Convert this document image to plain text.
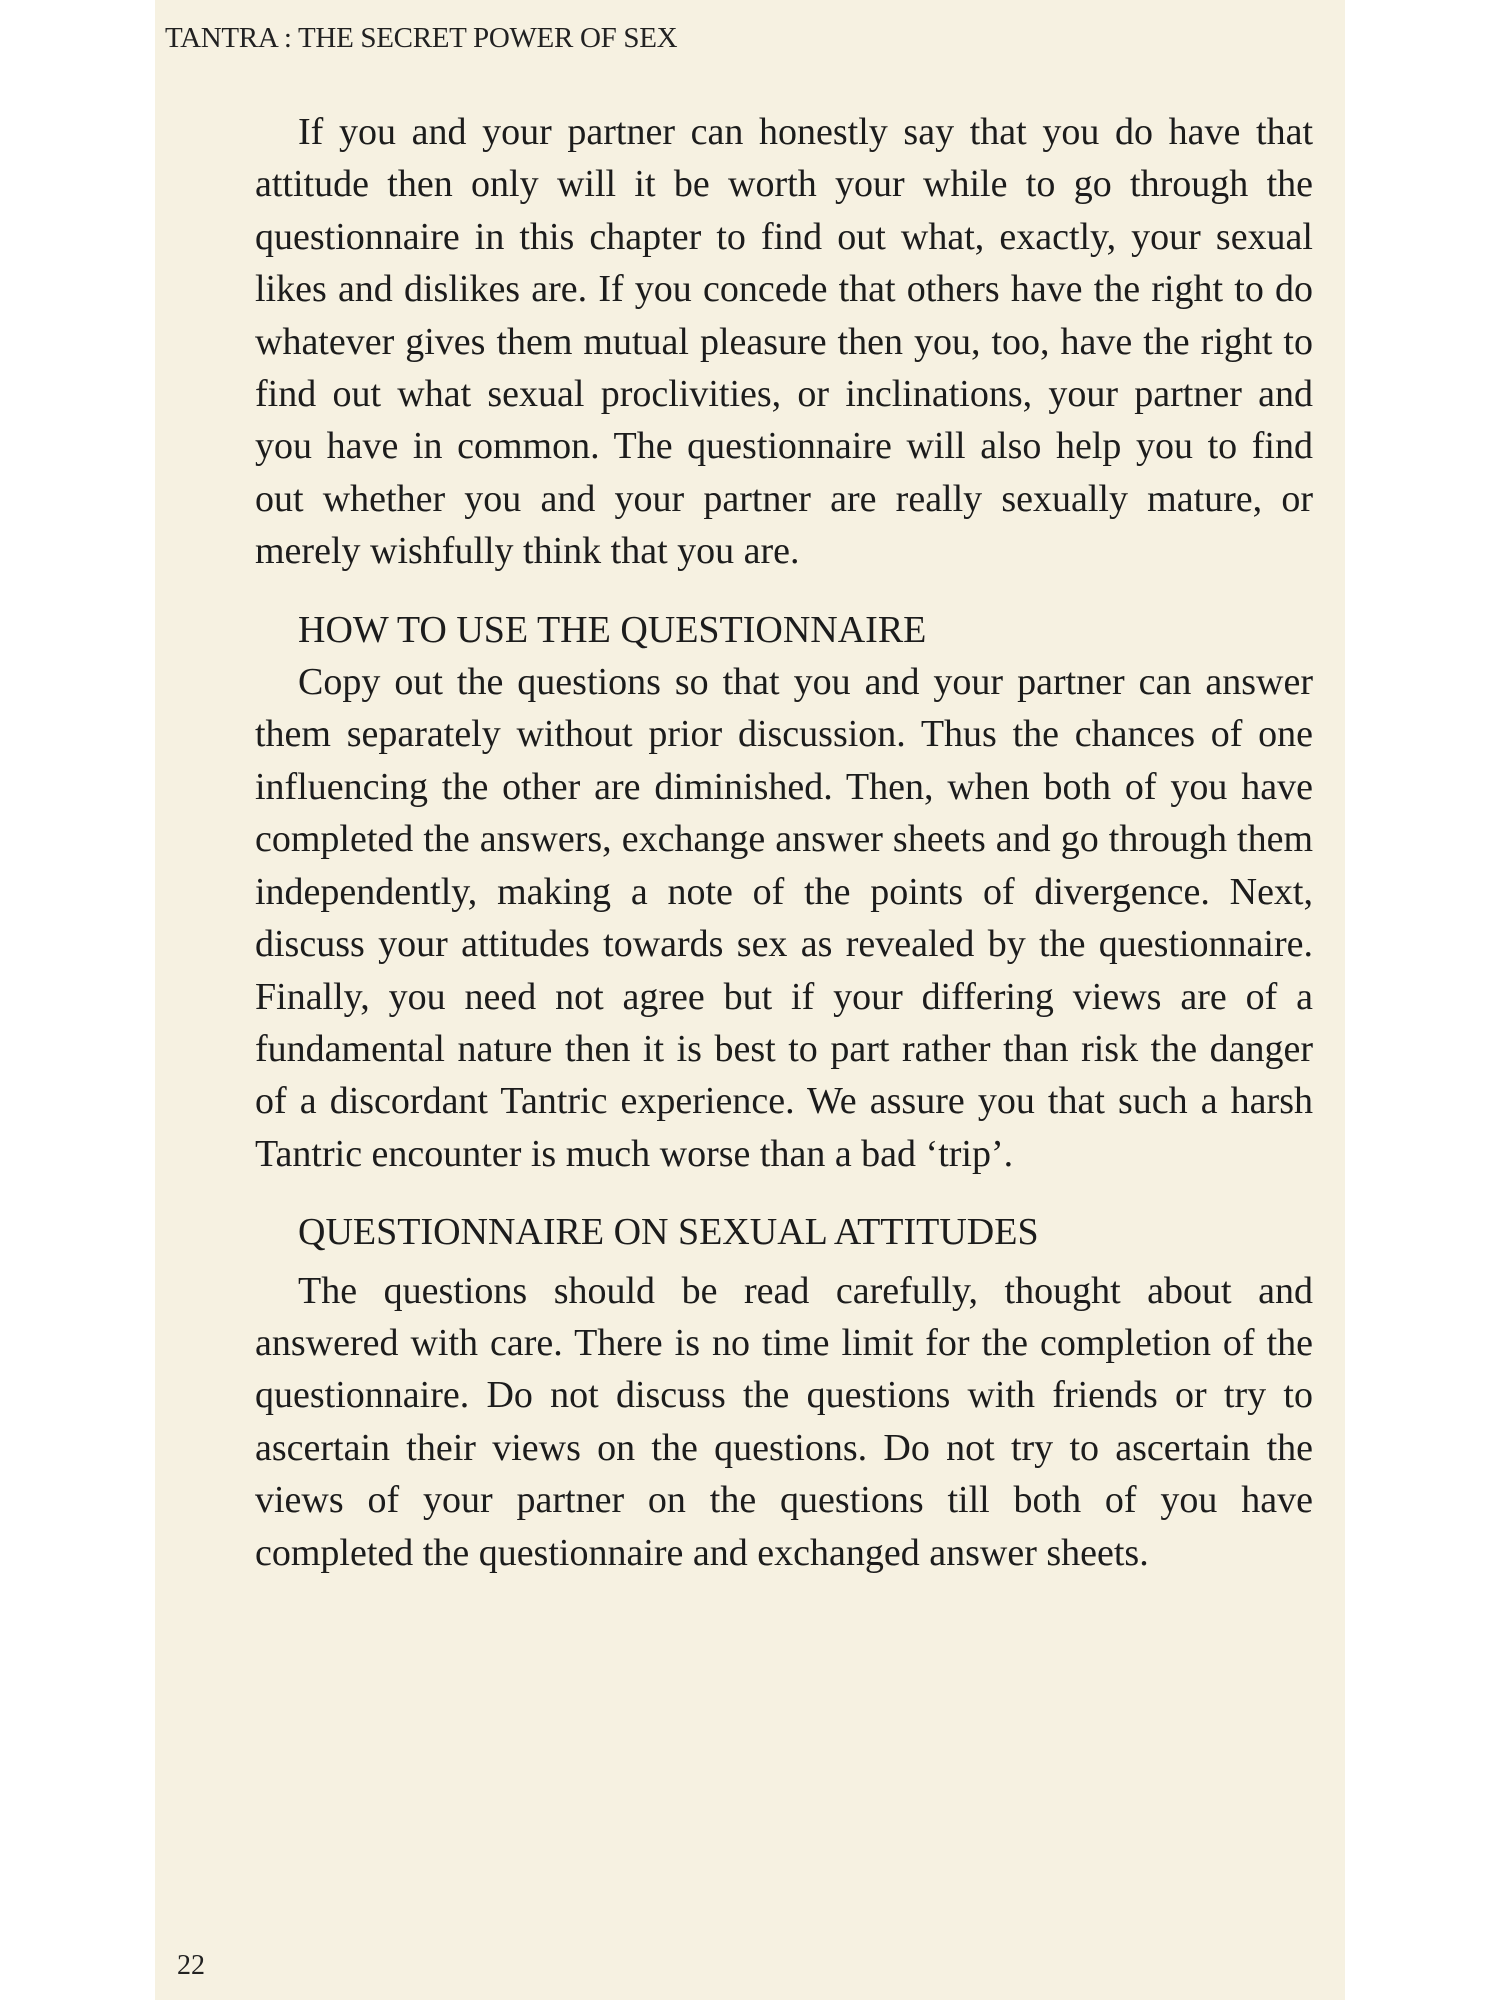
TANTRA : THE SECRET POWER OF SEX

If you and your partner can honestly say that you do have that attitude then only will it be worth your while to go through the questionnaire in this chapter to find out what, exactly, your sexual likes and dislikes are. If you concede that others have the right to do whatever gives them mutual pleasure then you, too, have the right to find out what sexual proclivities, or inclinations, your partner and you have in common. The questionnaire will also help you to find out whether you and your partner are really sexually mature, or merely wishfully think that you are.

HOW TO USE THE QUESTIONNAIRE

Copy out the questions so that you and your partner can answer them separately without prior discussion. Thus the chances of one influencing the other are diminished. Then, when both of you have completed the answers, exchange answer sheets and go through them independently, making a note of the points of divergence. Next, discuss your attitudes towards sex as revealed by the questionnaire. Finally, you need not agree but if your differing views are of a fundamental nature then it is best to part rather than risk the danger of a discordant Tantric experience. We assure you that such a harsh Tantric encounter is much worse than a bad ‘trip’.

QUESTIONNAIRE ON SEXUAL ATTITUDES

The questions should be read carefully, thought about and answered with care. There is no time limit for the completion of the questionnaire. Do not discuss the questions with friends or try to ascertain their views on the questions. Do not try to ascertain the views of your partner on the questions till both of you have completed the questionnaire and exchanged answer sheets.

22
